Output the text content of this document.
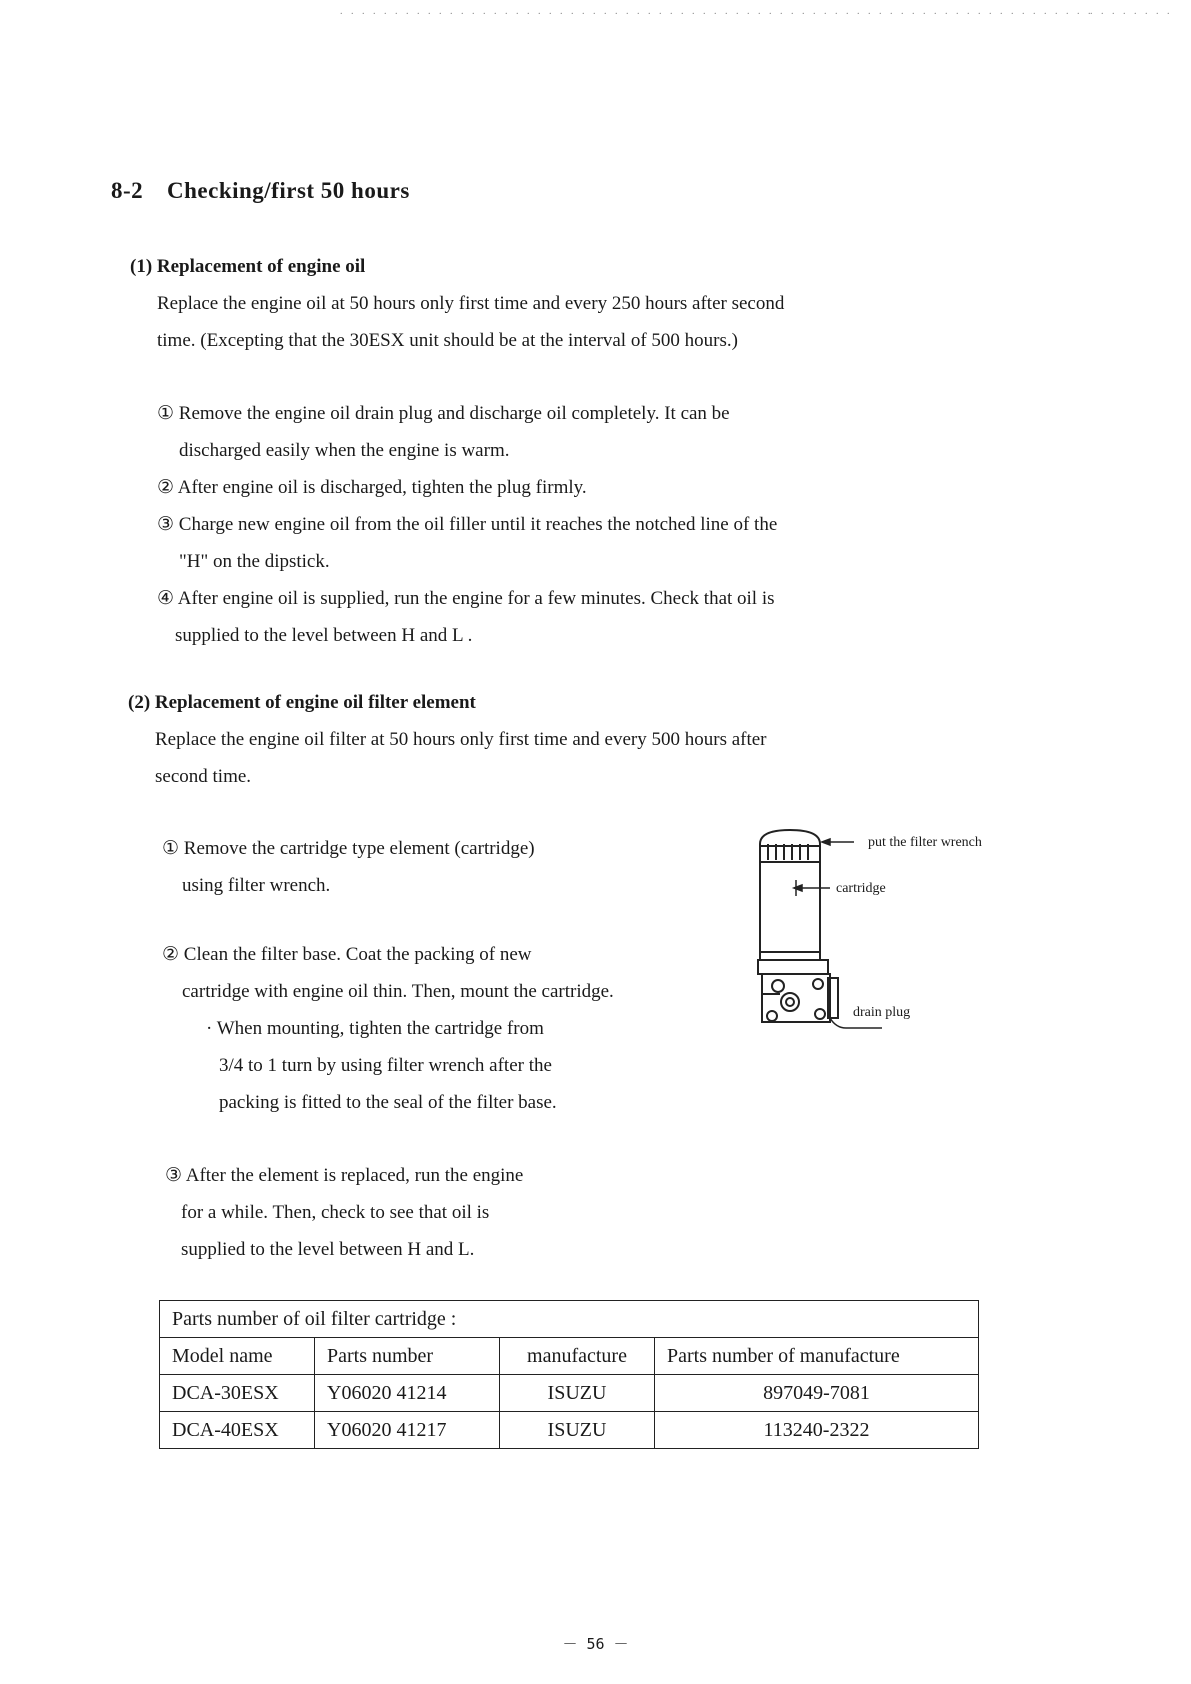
. . . . . . . . . . . . . . . . . . . . . . . . . . . . . . . . . . . . . . . . . . . . . . . . . . . . . . . . . . . . . . . . . . . . .
. . . . . . . .
8-2 Checking/first 50 hours
(1) Replacement of engine oil
Replace the engine oil at 50 hours only first time and every 250 hours after second
time. (Excepting that the 30ESX unit should be at the interval of 500 hours.)
① Remove the engine oil drain plug and discharge oil completely. It can be
discharged easily when the engine is warm.
② After engine oil is discharged, tighten the plug firmly.
③ Charge new engine oil from the oil filler until it reaches the notched line of the
"H" on the dipstick.
④ After engine oil is supplied, run the engine for a few minutes. Check that oil is
supplied to the level between H and L .
(2) Replacement of engine oil filter element
Replace the engine oil filter at 50 hours only first time and every 500 hours after
second time.
① Remove the cartridge type element (cartridge)
using filter wrench.
② Clean the filter base. Coat the packing of new
cartridge with engine oil thin. Then, mount the cartridge.
· When mounting, tighten the cartridge from
3/4 to 1 turn by using filter wrench after the
packing is fitted to the seal of the filter base.
③ After the element is replaced, run the engine
for a while. Then, check to see that oil is
supplied to the level between H and L.
put the filter wrench
cartridge
drain plug
Parts number of oil filter cartridge :			
Model name	Parts number	manufacture	Parts number of manufacture
DCA-30ESX	Y06020 41214	ISUZU	897049-7081
DCA-40ESX	Y06020 41217	ISUZU	113240-2322
－ 56 －
